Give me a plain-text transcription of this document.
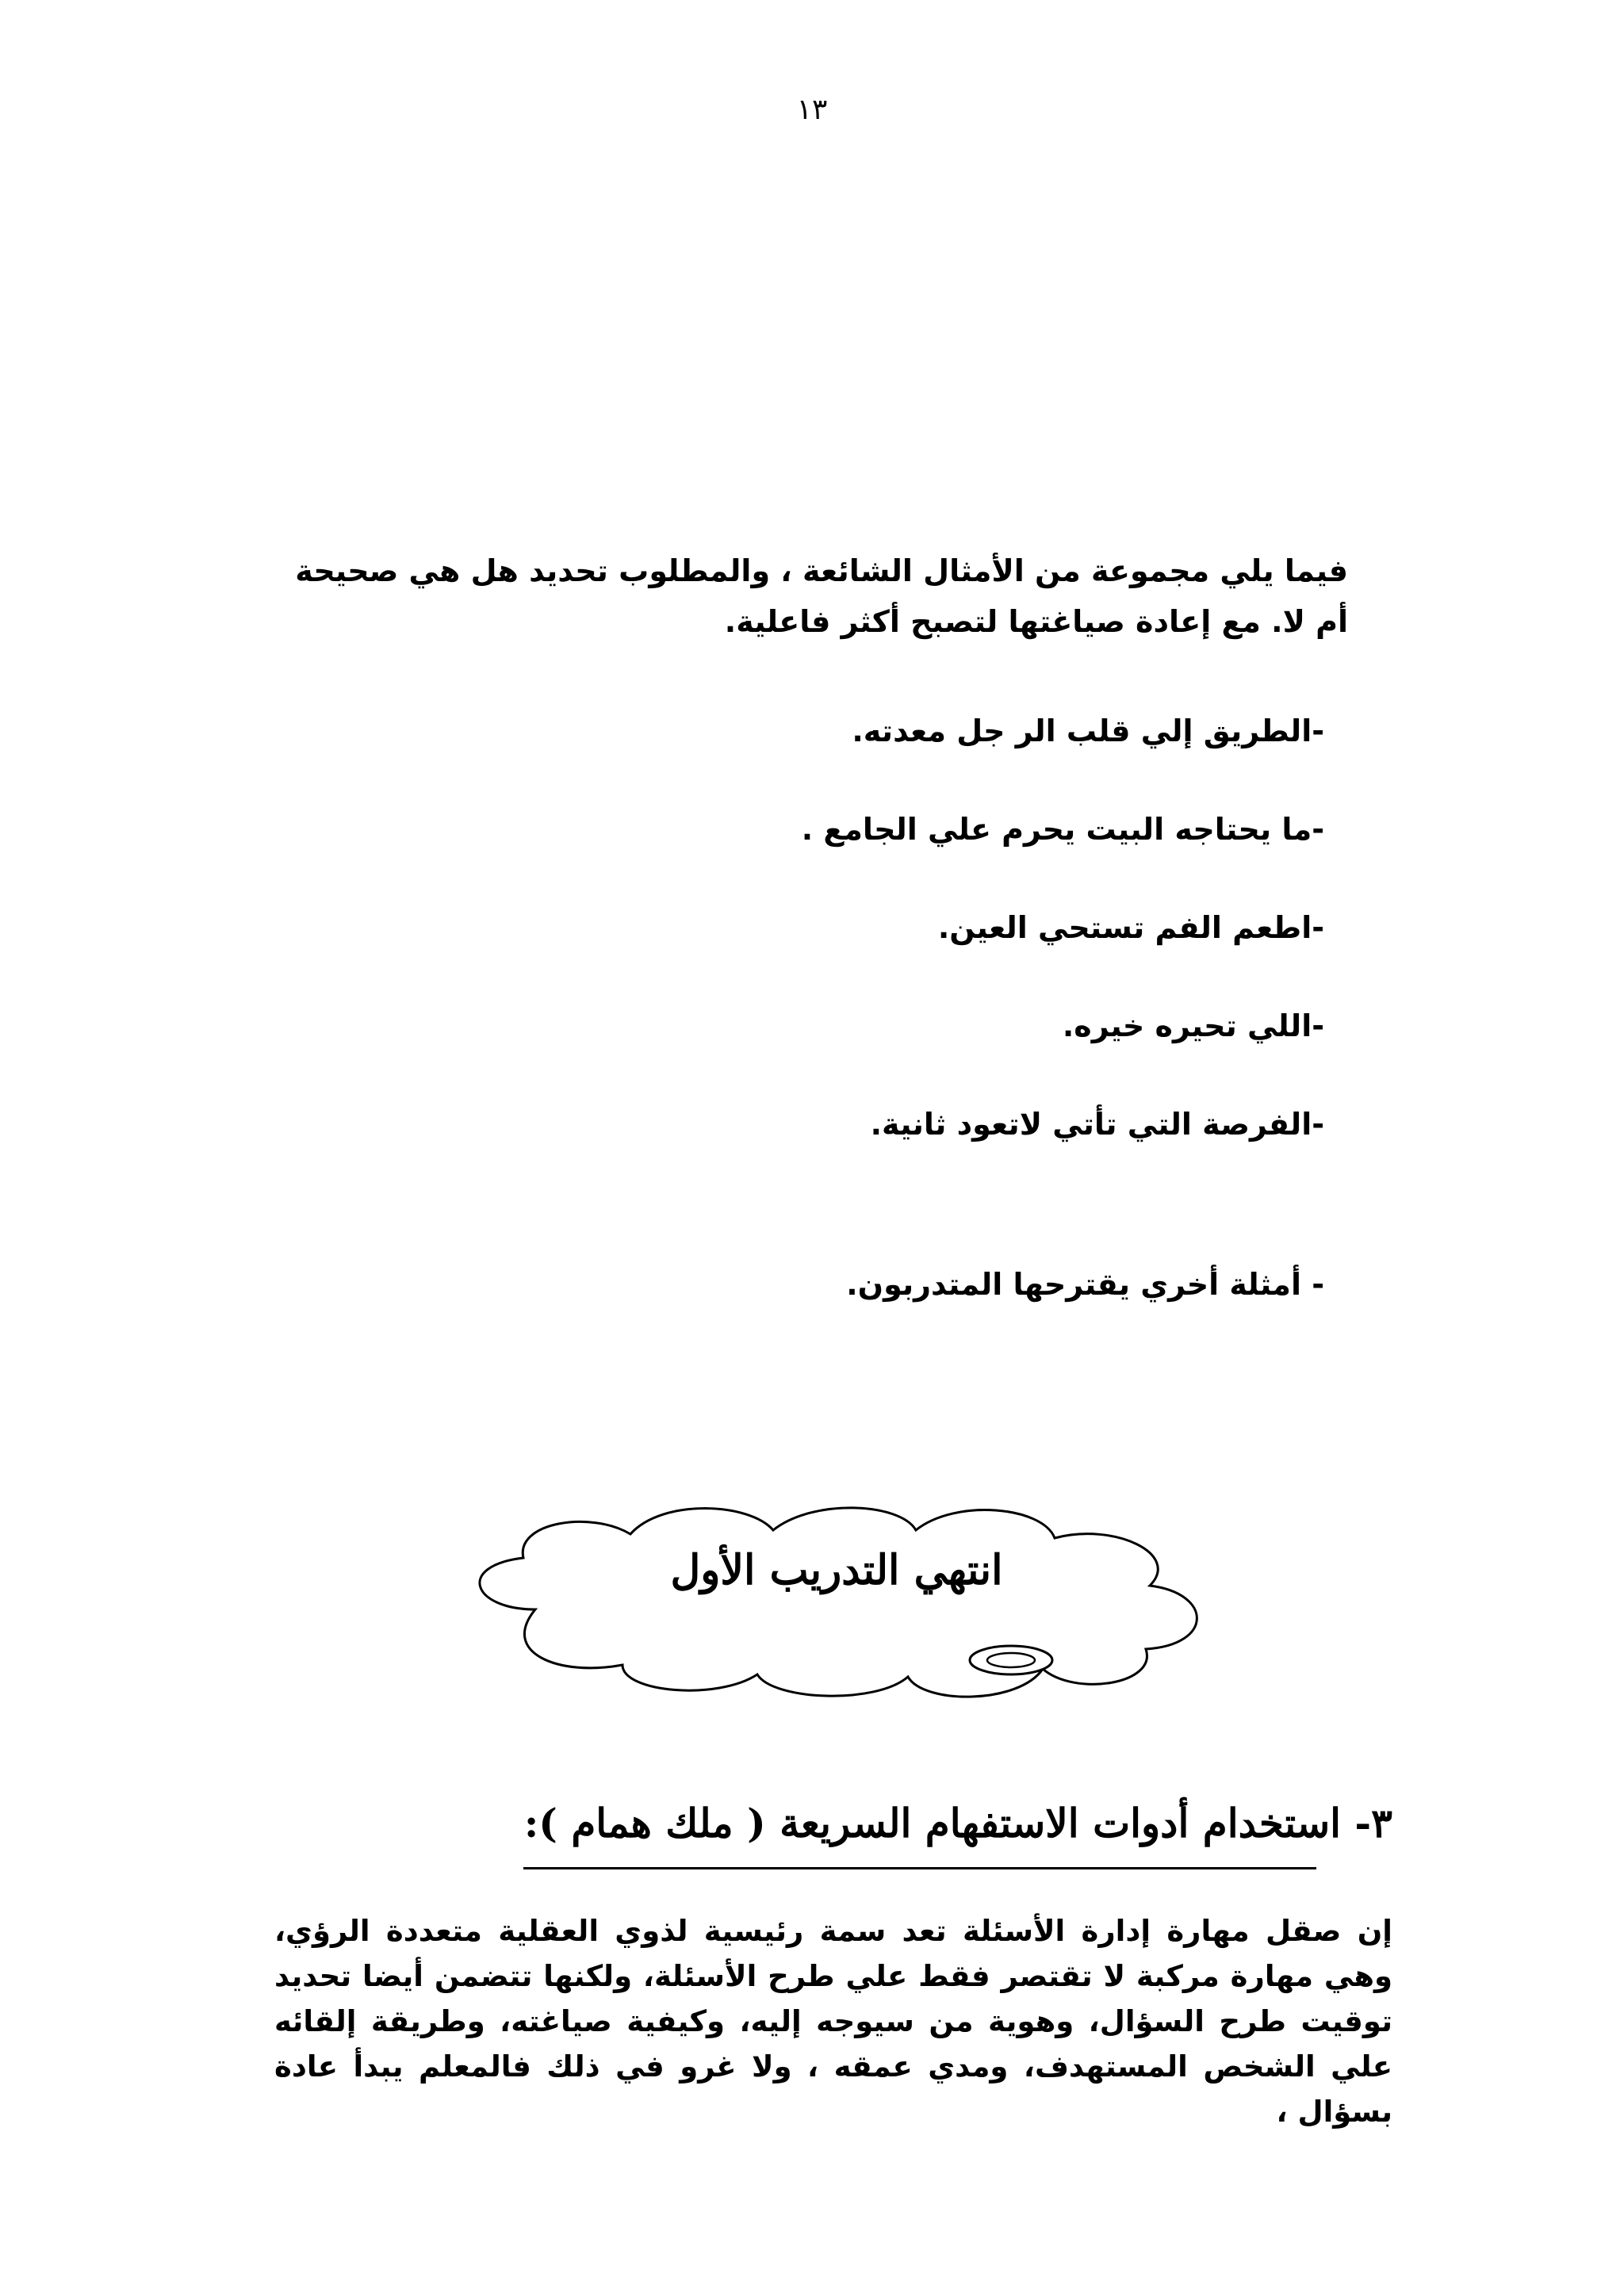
١٣

فيما يلي مجموعة من الأمثال الشائعة ، والمطلوب تحديد هل هي صحيحة أم لا. مع إعادة صياغتها لتصبح أكثر فاعلية.

-الطريق إلي قلب الر جل معدته.
-ما يحتاجه البيت يحرم علي الجامع .
-اطعم الفم تستحي العين.
-اللي تحيره خيره.
-الفرصة التي تأتي لاتعود ثانية.
- أمثلة أخري يقترحها المتدربون.
انتهي التدريب الأول
٣- استخدام أدوات الاستفهام السريعة ( ملك همام ):

إن صقل مهارة إدارة الأسئلة تعد سمة رئيسية لذوي العقلية متعددة الرؤي، وهي مهارة مركبة لا تقتصر فقط علي طرح الأسئلة، ولكنها تتضمن أيضا تحديد توقيت طرح السؤال، وهوية من سيوجه إليه، وكيفية صياغته، وطريقة إلقائه علي الشخص المستهدف، ومدي عمقه ، ولا غرو في ذلك فالمعلم يبدأ عادة بسؤال ،
